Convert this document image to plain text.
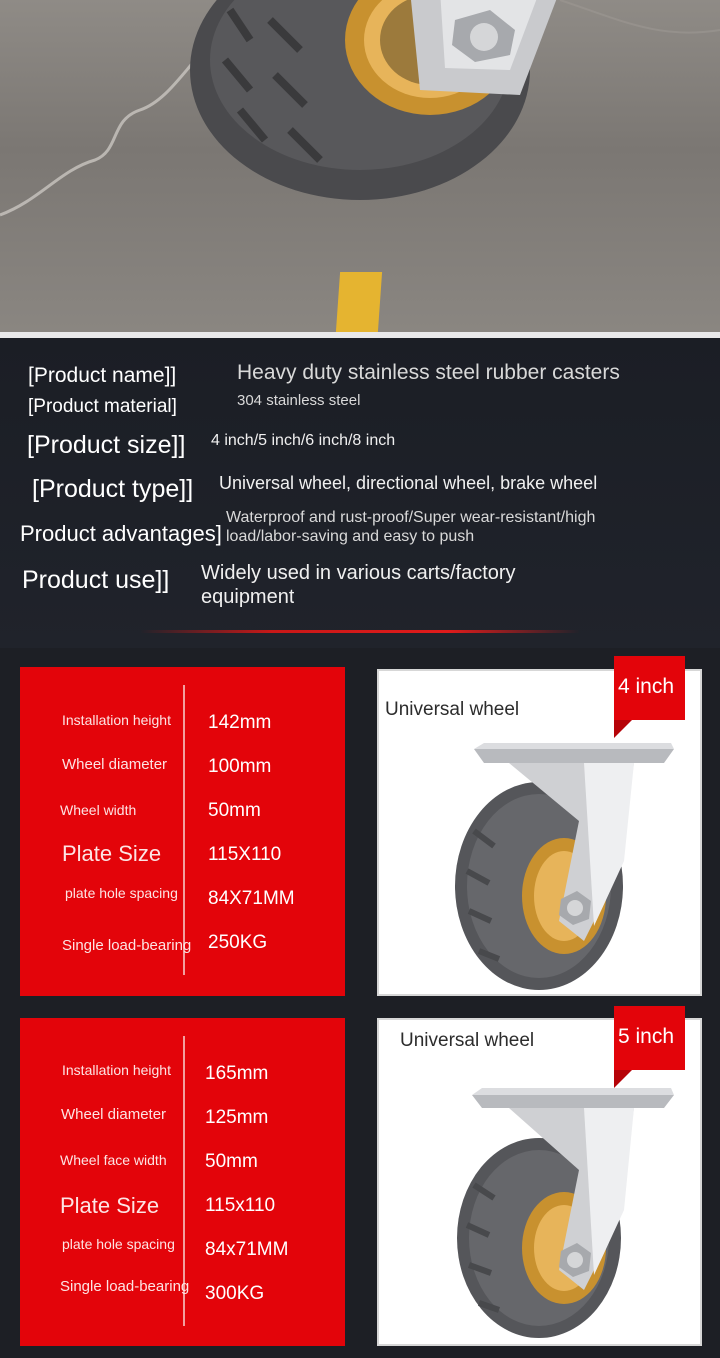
[Product name]]	Heavy duty stainless steel rubber casters
[Product material]	304 stainless steel
[Product size]] 4 inch/5 inch/6 inch/8 inch
[Product type]] Universal wheel, directional wheel, brake wheel
Product advantages]
Waterproof and rust-proof/Super wear-resistant/high
load/labor-saving and easy to push
Product use]] Widely used in various carts/factory
equipment
Installation height 142mm
Wheel diameter 100mm
Wheel width	50mm
Plate Size 115X110
plate hole spacing 84X71MM
Single load-bearing 250KG
Universal wheel
4 inch
Installation height 165mm
Wheel diameter 125mm
Wheel face width 50mm
Plate Size 115x110
plate hole spacing 84x71MM
Single load-bearing 300KG
Universal wheel	5 inch
